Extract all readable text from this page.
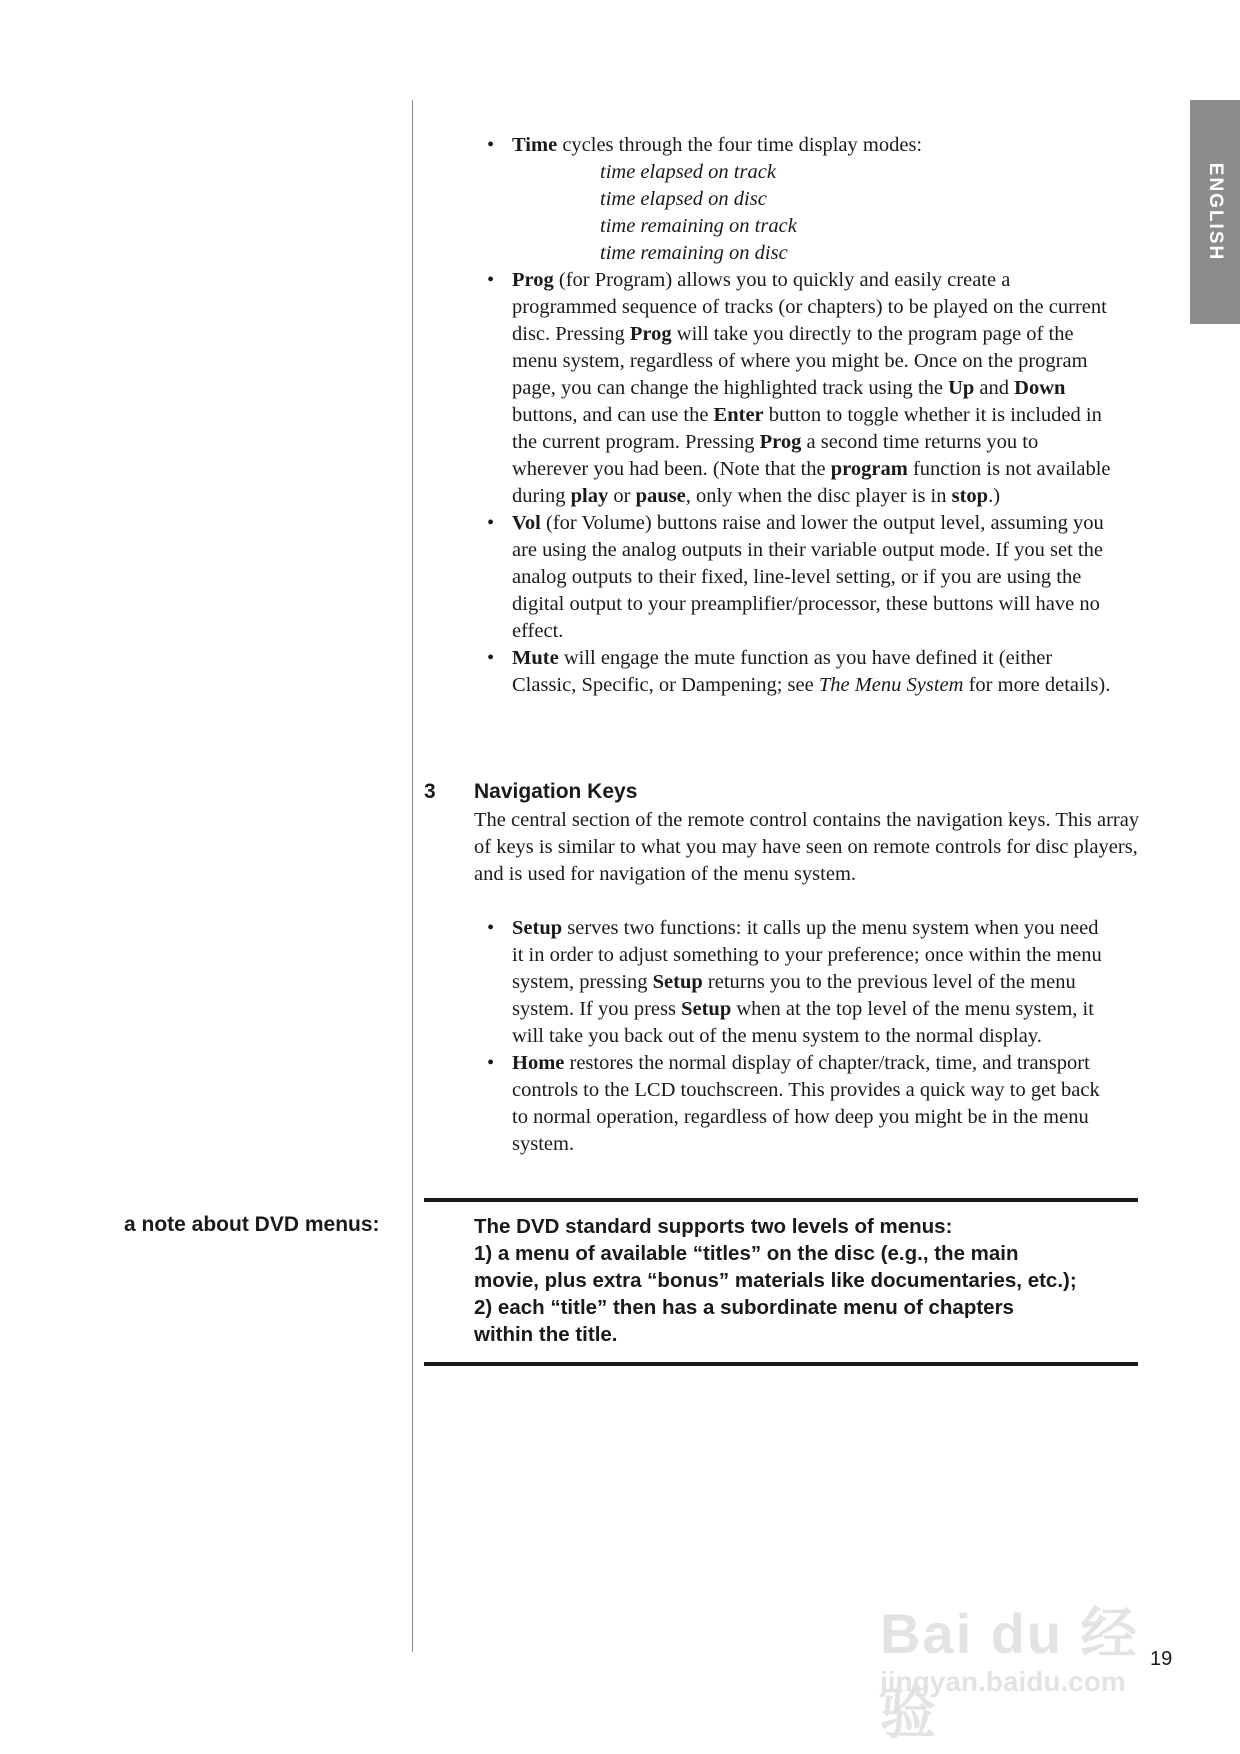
ENGLISH
• Time cycles through the four time display modes:
time elapsed on track
time elapsed on disc
time remaining on track
time remaining on disc
• Prog (for Program) allows you to quickly and easily create a programmed sequence of tracks (or chapters) to be played on the current disc. Pressing Prog will take you directly to the program page of the menu system, regardless of where you might be. Once on the program page, you can change the highlighted track using the Up and Down buttons, and can use the Enter button to toggle whether it is included in the current program. Pressing Prog a second time returns you to wherever you had been. (Note that the program function is not available during play or pause, only when the disc player is in stop.)
• Vol (for Volume) buttons raise and lower the output level, assuming you are using the analog outputs in their variable output mode. If you set the analog outputs to their fixed, line-level setting, or if you are using the digital output to your preamplifier/processor, these buttons will have no effect.
• Mute will engage the mute function as you have defined it (either Classic, Specific, or Dampening; see The Menu System for more details).
3 Navigation Keys
The central section of the remote control contains the navigation keys. This array of keys is similar to what you may have seen on remote controls for disc players, and is used for navigation of the menu system.
• Setup serves two functions: it calls up the menu system when you need it in order to adjust something to your preference; once within the menu system, pressing Setup returns you to the previous level of the menu system. If you press Setup when at the top level of the menu system, it will take you back out of the menu system to the normal display.
• Home restores the normal display of chapter/track, time, and transport controls to the LCD touchscreen. This provides a quick way to get back to normal operation, regardless of how deep you might be in the menu system.
a note about DVD menus:	The DVD standard supports two levels of menus:
1) a menu of available “titles” on the disc (e.g., the main
movie, plus extra “bonus” materials like documentaries, etc.);
2) each “title” then has a subordinate menu of chapters
within the title.
Bai du 经验
jingyan.baidu.com
19
